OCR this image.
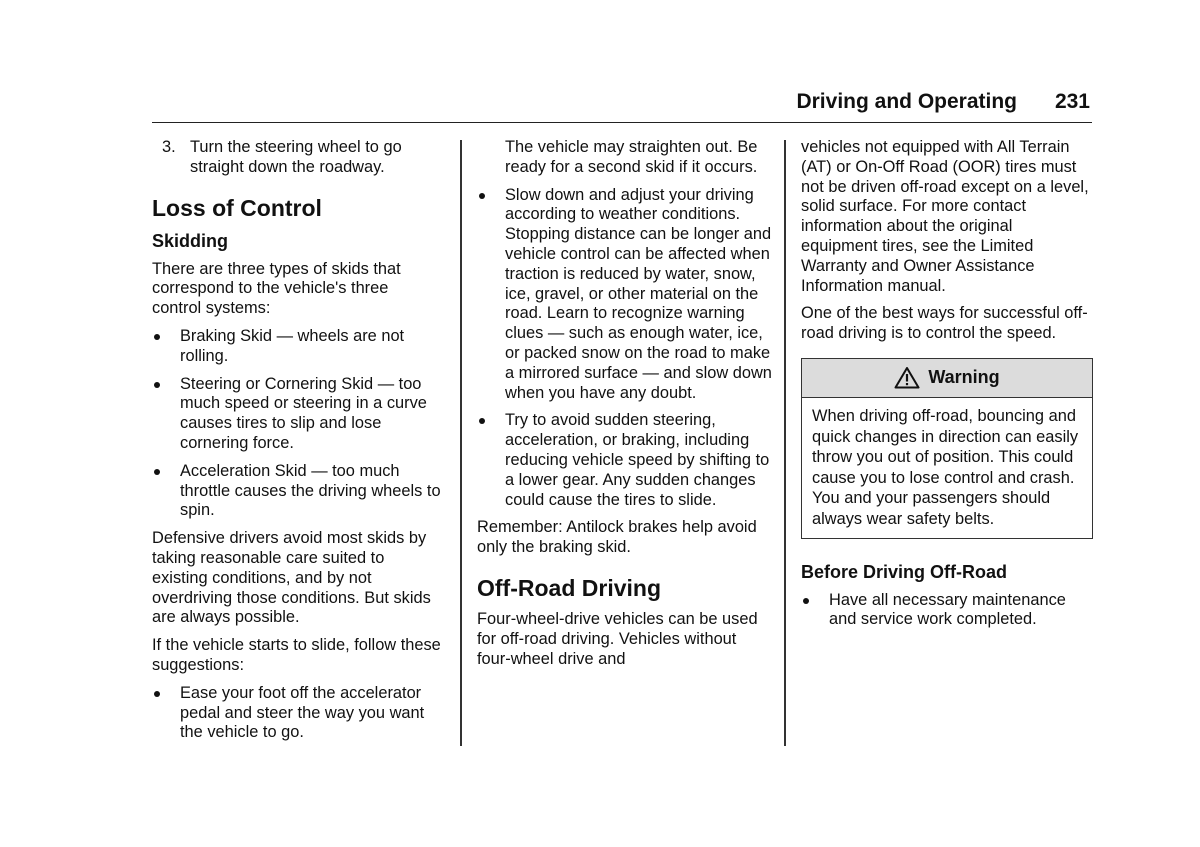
Driving and Operating 231
3. Turn the steering wheel to go straight down the roadway.
Loss of Control
Skidding

There are three types of skids that correspond to the vehicle's three control systems:

Braking Skid — wheels are not rolling.
Steering or Cornering Skid — too much speed or steering in a curve causes tires to slip and lose cornering force.
Acceleration Skid — too much throttle causes the driving wheels to spin.

Defensive drivers avoid most skids by taking reasonable care suited to existing conditions, and by not overdriving those conditions. But skids are always possible.

If the vehicle starts to slide, follow these suggestions:

Ease your foot off the accelerator pedal and steer the way you want the vehicle to go.
The vehicle may straighten out. Be ready for a second skid if it occurs.
Slow down and adjust your driving according to weather conditions. Stopping distance can be longer and vehicle control can be affected when traction is reduced by water, snow, ice, gravel, or other material on the road. Learn to recognize warning clues — such as enough water, ice, or packed snow on the road to make a mirrored surface — and slow down when you have any doubt.
Try to avoid sudden steering, acceleration, or braking, including reducing vehicle speed by shifting to a lower gear. Any sudden changes could cause the tires to slide.

Remember: Antilock brakes help avoid only the braking skid.

Off-Road Driving

Four-wheel-drive vehicles can be used for off-road driving. Vehicles without four-wheel drive and

vehicles not equipped with All Terrain (AT) or On-Off Road (OOR) tires must not be driven off-road except on a level, solid surface. For more contact information about the original equipment tires, see the Limited Warranty and Owner Assistance Information manual.

One of the best ways for successful off-road driving is to control the speed.

Warning
When driving off-road, bouncing and quick changes in direction can easily throw you out of position. This could cause you to lose control and crash. You and your passengers should always wear safety belts.
Before Driving Off-Road
Have all necessary maintenance and service work completed.
